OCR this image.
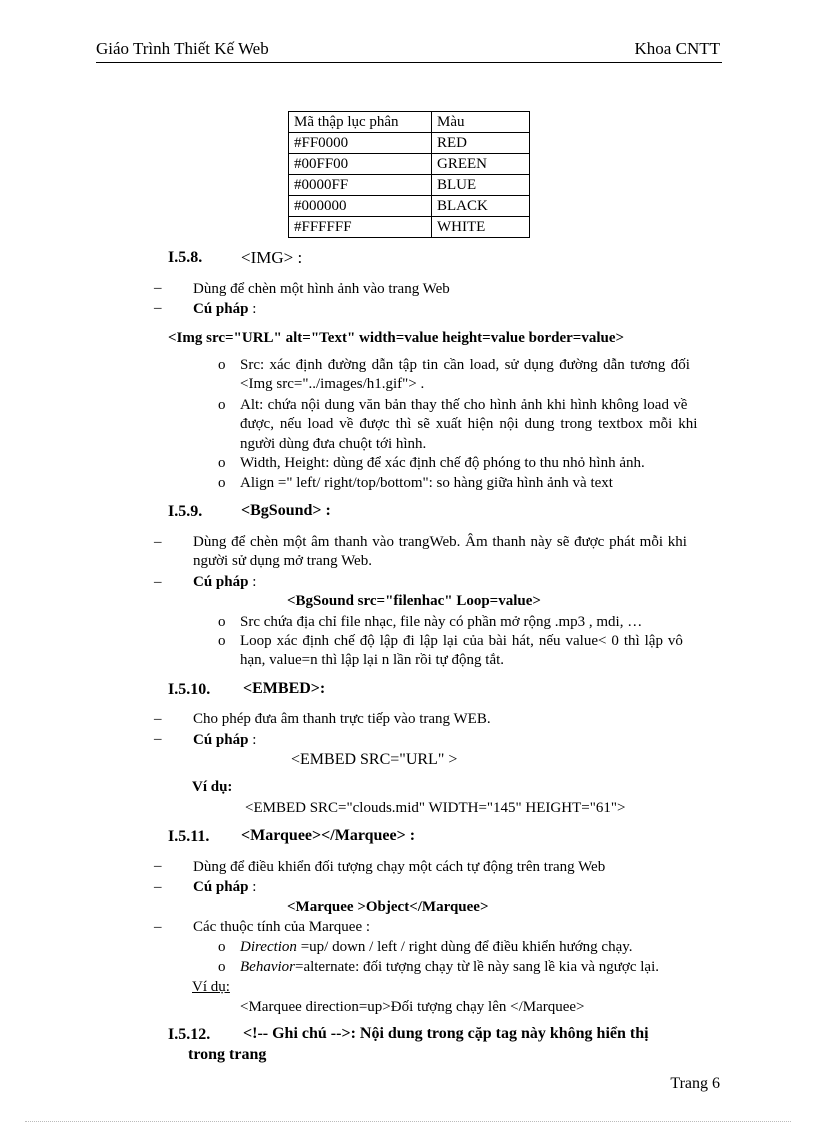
Giáo Trình Thiết Kế Web	Khoa CNTT
Mã thập lục phân	Màu
#FF0000	RED
#00FF00	GREEN
#0000FF	BLUE
#000000	BLACK
#FFFFFF	WHITE
I.5.8. <IMG> :
– Dùng để chèn một hình ảnh vào trang Web
– Cú pháp :
<Img src="URL" alt="Text" width=value height=value border=value>
o Src: xác định đường dẫn tập tin cần load, sử dụng đường dẫn tương đối
<Img src="../images/h1.gif"> .
o Alt: chứa nội dung văn bản thay thế cho hình ảnh khi hình không load về
được, nếu load về được thì sẽ xuất hiện nội dung trong textbox mỗi khi
người dùng đưa chuột tới hình.
o Width, Height: dùng để xác định chế độ phóng to thu nhỏ hình ảnh.
o Align =" left/ right/top/bottom": so hàng giữa hình ảnh và text
I.5.9. <BgSound> :
– Dùng để chèn một âm thanh vào trangWeb. Âm thanh này sẽ được phát mỗi khi
người sử dụng mở trang Web.
– Cú pháp :
<BgSound src="filenhac" Loop=value>
o Src chứa địa chỉ file nhạc, file này có phần mở rộng .mp3 , mdi, …
o Loop xác định chế độ lập đi lập lại của bài hát, nếu value< 0 thì lập vô
hạn, value=n thì lập lại n lần rồi tự động tắt.
I.5.10. <EMBED>:
– Cho phép đưa âm thanh trực tiếp vào trang WEB.
– Cú pháp :
<EMBED SRC="URL" >
Ví dụ:
<EMBED SRC="clouds.mid" WIDTH="145" HEIGHT="61">
I.5.11. <Marquee></Marquee> :
– Dùng để điều khiển đối tượng chạy một cách tự động trên trang Web
– Cú pháp :
<Marquee >Object</Marquee>
– Các thuộc tính của Marquee :
o Direction =up/ down / left / right dùng để điều khiển hướng chạy.
o Behavior=alternate: đối tượng chạy từ lề này sang lề kia và ngược lại.
Ví dụ:
<Marquee direction=up>Đối tượng chạy lên </Marquee>
I.5.12. <!-- Ghi chú -->: Nội dung trong cặp tag này không hiển thị
trong trang
Trang 6
